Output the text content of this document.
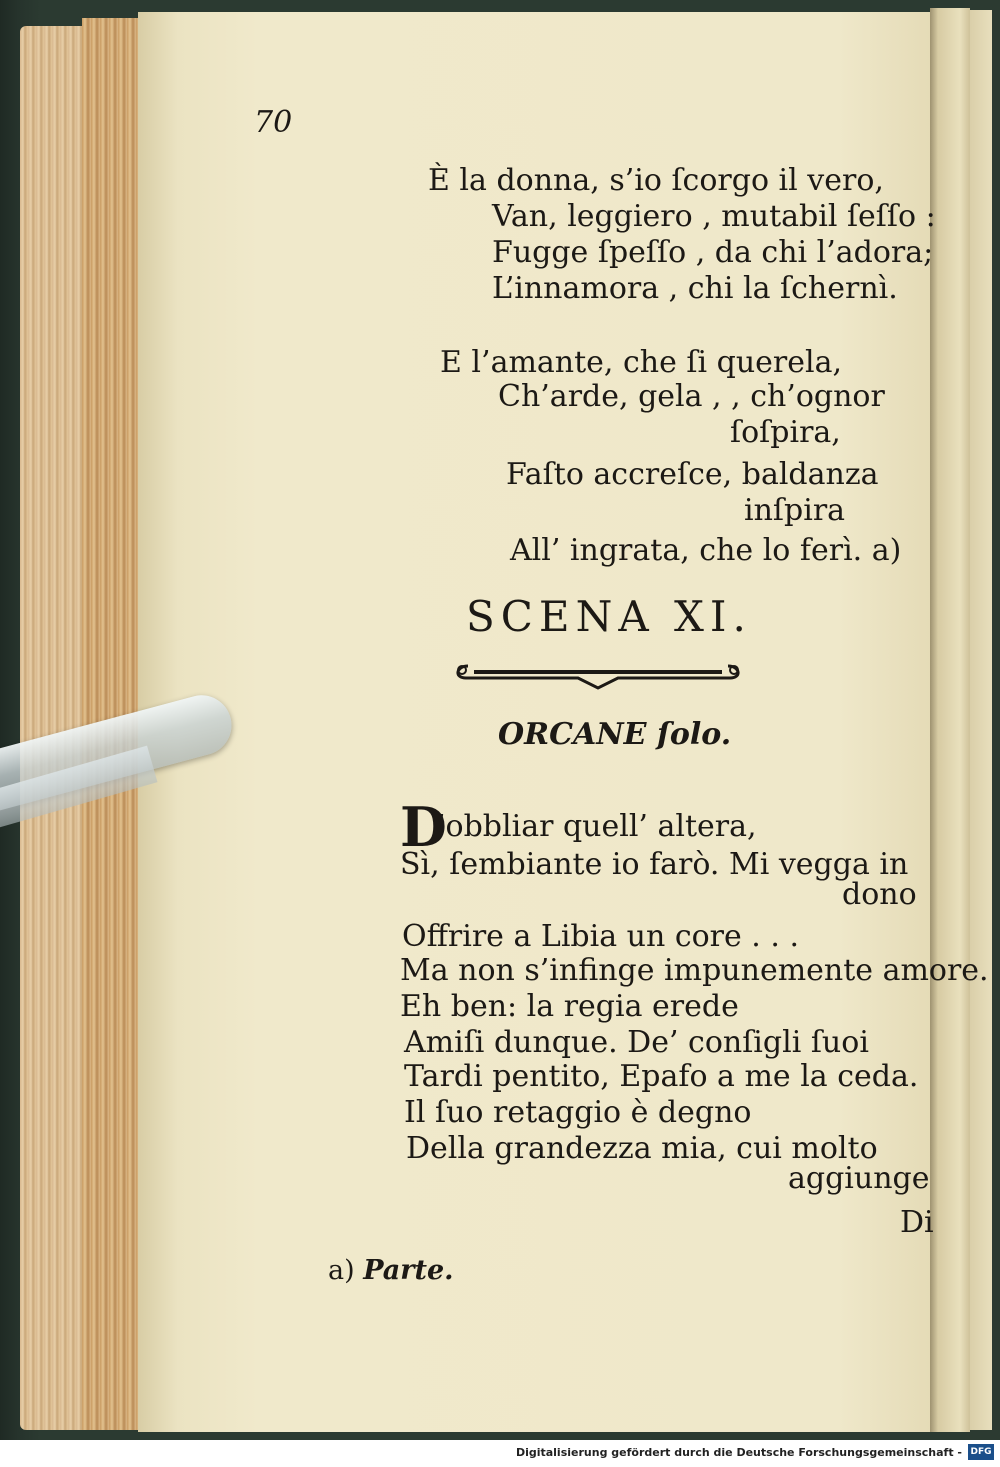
70
È la donna, s’io ſcorgo il vero,
Van, leggiero , mutabil ſeſſo :
Fugge ſpeſſo , da chi l’adora;
L’innamora , chi la ſchernì.
E l’amante, che ſi querela,
Ch’arde, gela , , ch’ognor
ſoſpira,
Faſto accreſce, baldanza
inſpira
All’ ingrata, che lo ferì. a)
SCENA XI.
ORCANE ſolo.
D
’obbliar quell’ altera,
Sì, ſembiante io farò. Mi vegga in
dono
Offrire a Libia un core . . .
Ma non s’infinge impunemente amore.
Eh ben: la regia erede
Amiſi dunque. De’ conſigli ſuoi
Tardi pentito, Epafo a me la ceda.
Il ſuo retaggio è degno
Della grandezza mia, cui molto
aggiunge
Di
a) Parte.
Digitalisierung gefördert durch die Deutsche Forschungsgemeinschaft - DFG
